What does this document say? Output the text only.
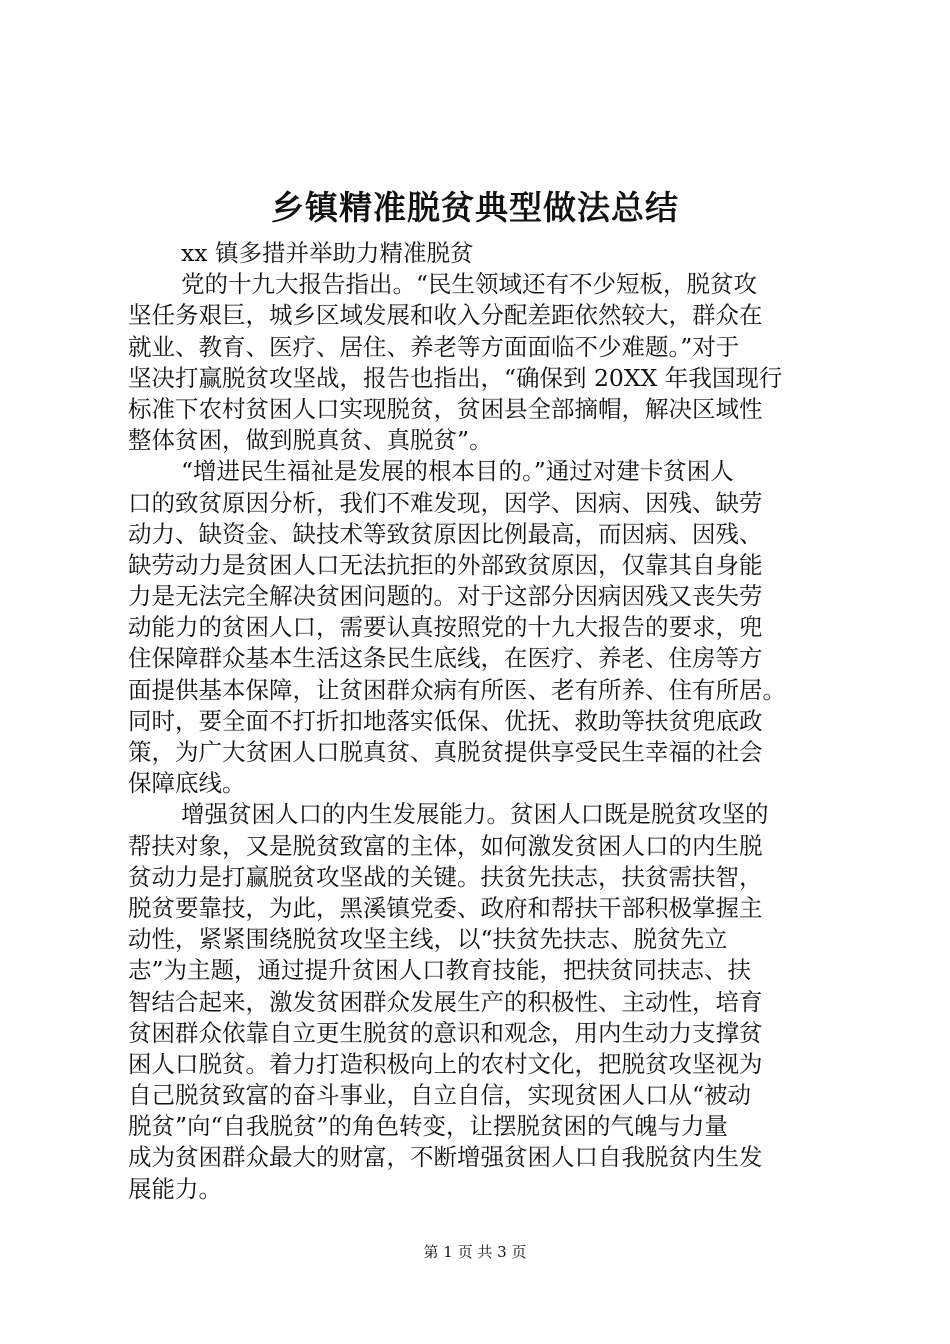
乡镇精准脱贫典型做法总结
xx 镇多措并举助力精准脱贫
党的十九大报告指出。“民生领域还有不少短板，脱贫攻
坚任务艰巨，城乡区域发展和收入分配差距依然较大，群众在
就业、教育、医疗、居住、养老等方面面临不少难题。”对于
坚决打赢脱贫攻坚战，报告也指出，“确保到 20XX 年我国现行
标准下农村贫困人口实现脱贫，贫困县全部摘帽，解决区域性
整体贫困，做到脱真贫、真脱贫”。
“增进民生福祉是发展的根本目的。”通过对建卡贫困人
口的致贫原因分析，我们不难发现，因学、因病、因残、缺劳
动力、缺资金、缺技术等致贫原因比例最高，而因病、因残、
缺劳动力是贫困人口无法抗拒的外部致贫原因，仅靠其自身能
力是无法完全解决贫困问题的。对于这部分因病因残又丧失劳
动能力的贫困人口，需要认真按照党的十九大报告的要求，兜
住保障群众基本生活这条民生底线，在医疗、养老、住房等方
面提供基本保障，让贫困群众病有所医、老有所养、住有所居。
同时，要全面不打折扣地落实低保、优抚、救助等扶贫兜底政
策，为广大贫困人口脱真贫、真脱贫提供享受民生幸福的社会
保障底线。
增强贫困人口的内生发展能力。贫困人口既是脱贫攻坚的
帮扶对象，又是脱贫致富的主体，如何激发贫困人口的内生脱
贫动力是打赢脱贫攻坚战的关键。扶贫先扶志，扶贫需扶智，
脱贫要靠技，为此，黑溪镇党委、政府和帮扶干部积极掌握主
动性，紧紧围绕脱贫攻坚主线，以“扶贫先扶志、脱贫先立
志”为主题，通过提升贫困人口教育技能，把扶贫同扶志、扶
智结合起来，激发贫困群众发展生产的积极性、主动性，培育
贫困群众依靠自立更生脱贫的意识和观念，用内生动力支撑贫
困人口脱贫。着力打造积极向上的农村文化，把脱贫攻坚视为
自己脱贫致富的奋斗事业，自立自信，实现贫困人口从“被动
脱贫”向“自我脱贫”的角色转变，让摆脱贫困的气魄与力量
成为贫困群众最大的财富，不断增强贫困人口自我脱贫内生发
展能力。
第 1 页 共 3 页
